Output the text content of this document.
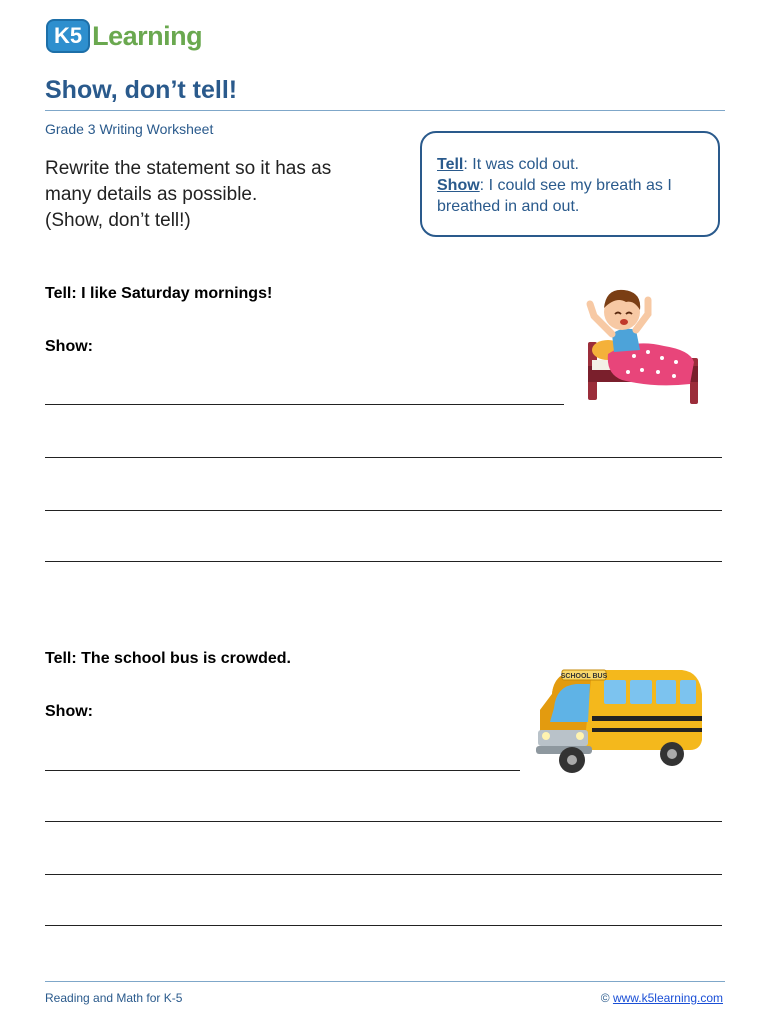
K5 Learning
Show, don’t tell!
Grade 3 Writing Worksheet
Rewrite the statement so it has as
many details as possible.
(Show, don’t tell!)
Tell: It was cold out.
Show: I could see my breath as I breathed in and out.
Tell: I like Saturday mornings!
Show:
Tell: The school bus is crowded.
Show:
SCHOOL BUS
Reading and Math for K-5	© www.k5learning.com
